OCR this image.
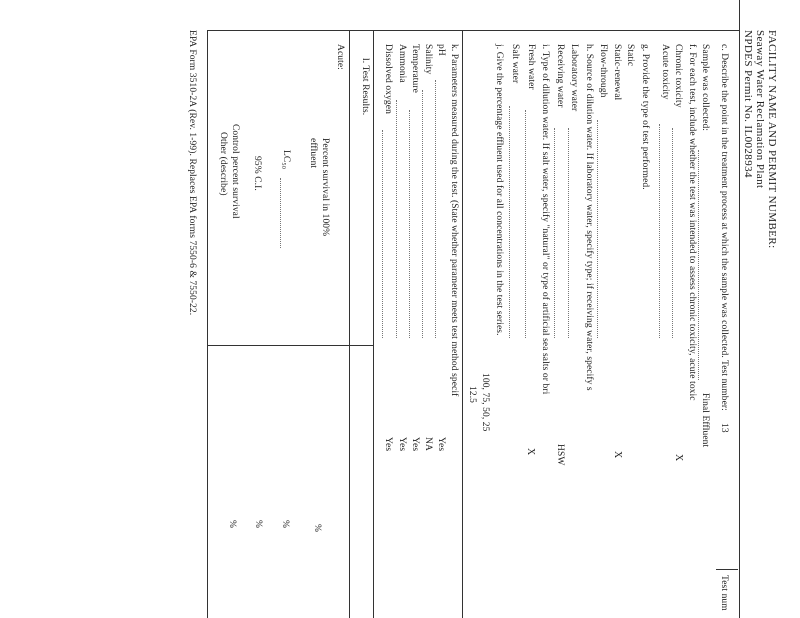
FACILITY NAME AND PERMIT NUMBER:
Seaway Water Reclamation Plant
NPDES Permit No. IL0028934
c. Describe the point in the treatment process at which the sample was collected.
Test number:
13
Test num
Sample was collected:
Final Effluent
f. For each test, include whether the test was intended to assess chronic toxicity, acute toxic
Chronic toxicity
X
Acute toxicity
g. Provide the type of test performed.
Static
Static-renewal
X
Flow-through
h. Source of dilution water. If laboratory water, specify type; if receiving water, specify s
Laboratory water
Receiving water
HSW
i. Type of dilution water. If salt water, specify "natural" or type of artificial sea salts or bri
Fresh water
X
Salt water
j. Give the percentage effluent used for all concentrations in the test series.
100, 75, 50, 25
12.5
k. Parameters measured during the test. (State whether parameter meets test method specif
pH
Yes
Salinity
NA
Temperature
Yes
Ammonia
Yes
Dissolved oxygen
Yes
l. Test Results.
Acute:
Percent survival in 100%
effluent
%
LC₅₀
%
95% C.I.
%
Control percent survival
Other (describe)
%
EPA Form 3510-2A (Rev. 1-99). Replaces EPA forms 7550-6 & 7550-22.
